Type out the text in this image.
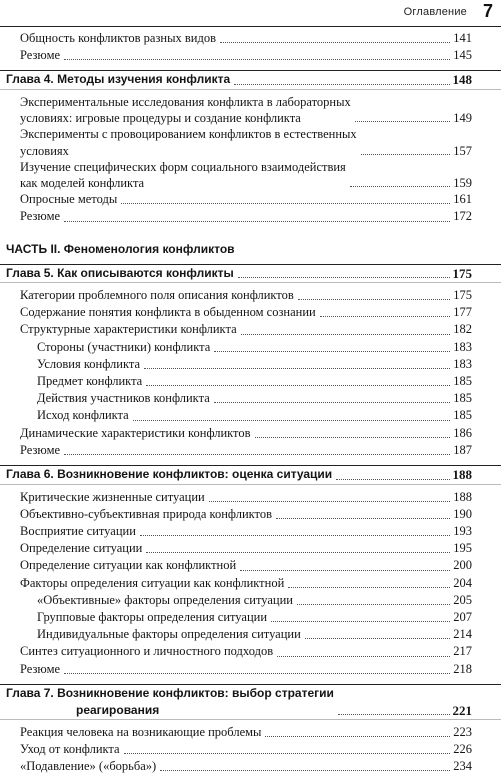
Оглавление 7
Общность конфликтов разных видов	141
Резюме	145
Глава 4. Методы изучения конфликта	148
Экспериментальные исследования конфликта в лабораторных
условиях: игровые процедуры и создание конфликта	149
Эксперименты с провоцированием конфликтов в естественных
условиях	157
Изучение специфических форм социального взаимодействия
как моделей конфликта	159
Опросные методы	161
Резюме	172
ЧАСТЬ II. Феноменология конфликтов
Глава 5. Как описываются конфликты	175
Категории проблемного поля описания конфликтов	175
Содержание понятия конфликта в обыденном сознании	177
Структурные характеристики конфликта	182
Стороны (участники) конфликта	183
Условия конфликта	183
Предмет конфликта	185
Действия участников конфликта	185
Исход конфликта	185
Динамические характеристики конфликтов	186
Резюме	187
Глава 6. Возникновение конфликтов: оценка ситуации	188
Критические жизненные ситуации	188
Объективно-субъективная природа конфликтов	190
Восприятие ситуации	193
Определение ситуации	195
Определение ситуации как конфликтной	200
Факторы определения ситуации как конфликтной	204
«Объективные» факторы определения ситуации	205
Групповые факторы определения ситуации	207
Индивидуальные факторы определения ситуации	214
Синтез ситуационного и личностного подходов	217
Резюме	218
Глава 7. Возникновение конфликтов: выбор стратегии
реагирования	221
Реакция человека на возникающие проблемы	223
Уход от конфликта	226
«Подавление» («борьба»)	234
